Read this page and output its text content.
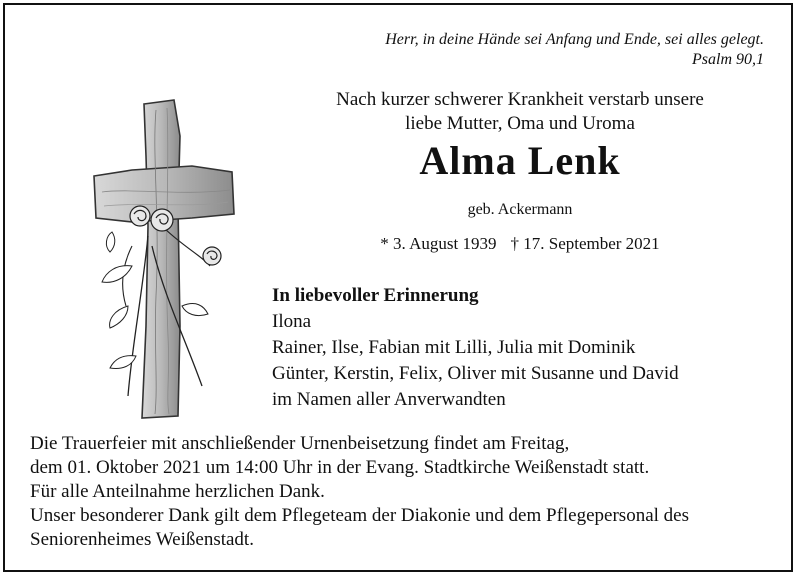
Herr, in deine Hände sei Anfang und Ende, sei alles gelegt.
Psalm 90,1
Nach kurzer schwerer Krankheit verstarb unsere
liebe Mutter, Oma und Uroma
Alma Lenk
geb. Ackermann
* 3. August 1939 † 17. September 2021
In liebevoller Erinnerung
Ilona
Rainer, Ilse, Fabian mit Lilli, Julia mit Dominik
Günter, Kerstin, Felix, Oliver mit Susanne und David
im Namen aller Anverwandten
Die Trauerfeier mit anschließender Urnenbeisetzung findet am Freitag,
dem 01. Oktober 2021 um 14:00 Uhr in der Evang. Stadtkirche Weißenstadt statt.
Für alle Anteilnahme herzlichen Dank.
Unser besonderer Dank gilt dem Pflegeteam der Diakonie und dem Pflegepersonal des
Seniorenheimes Weißenstadt.
